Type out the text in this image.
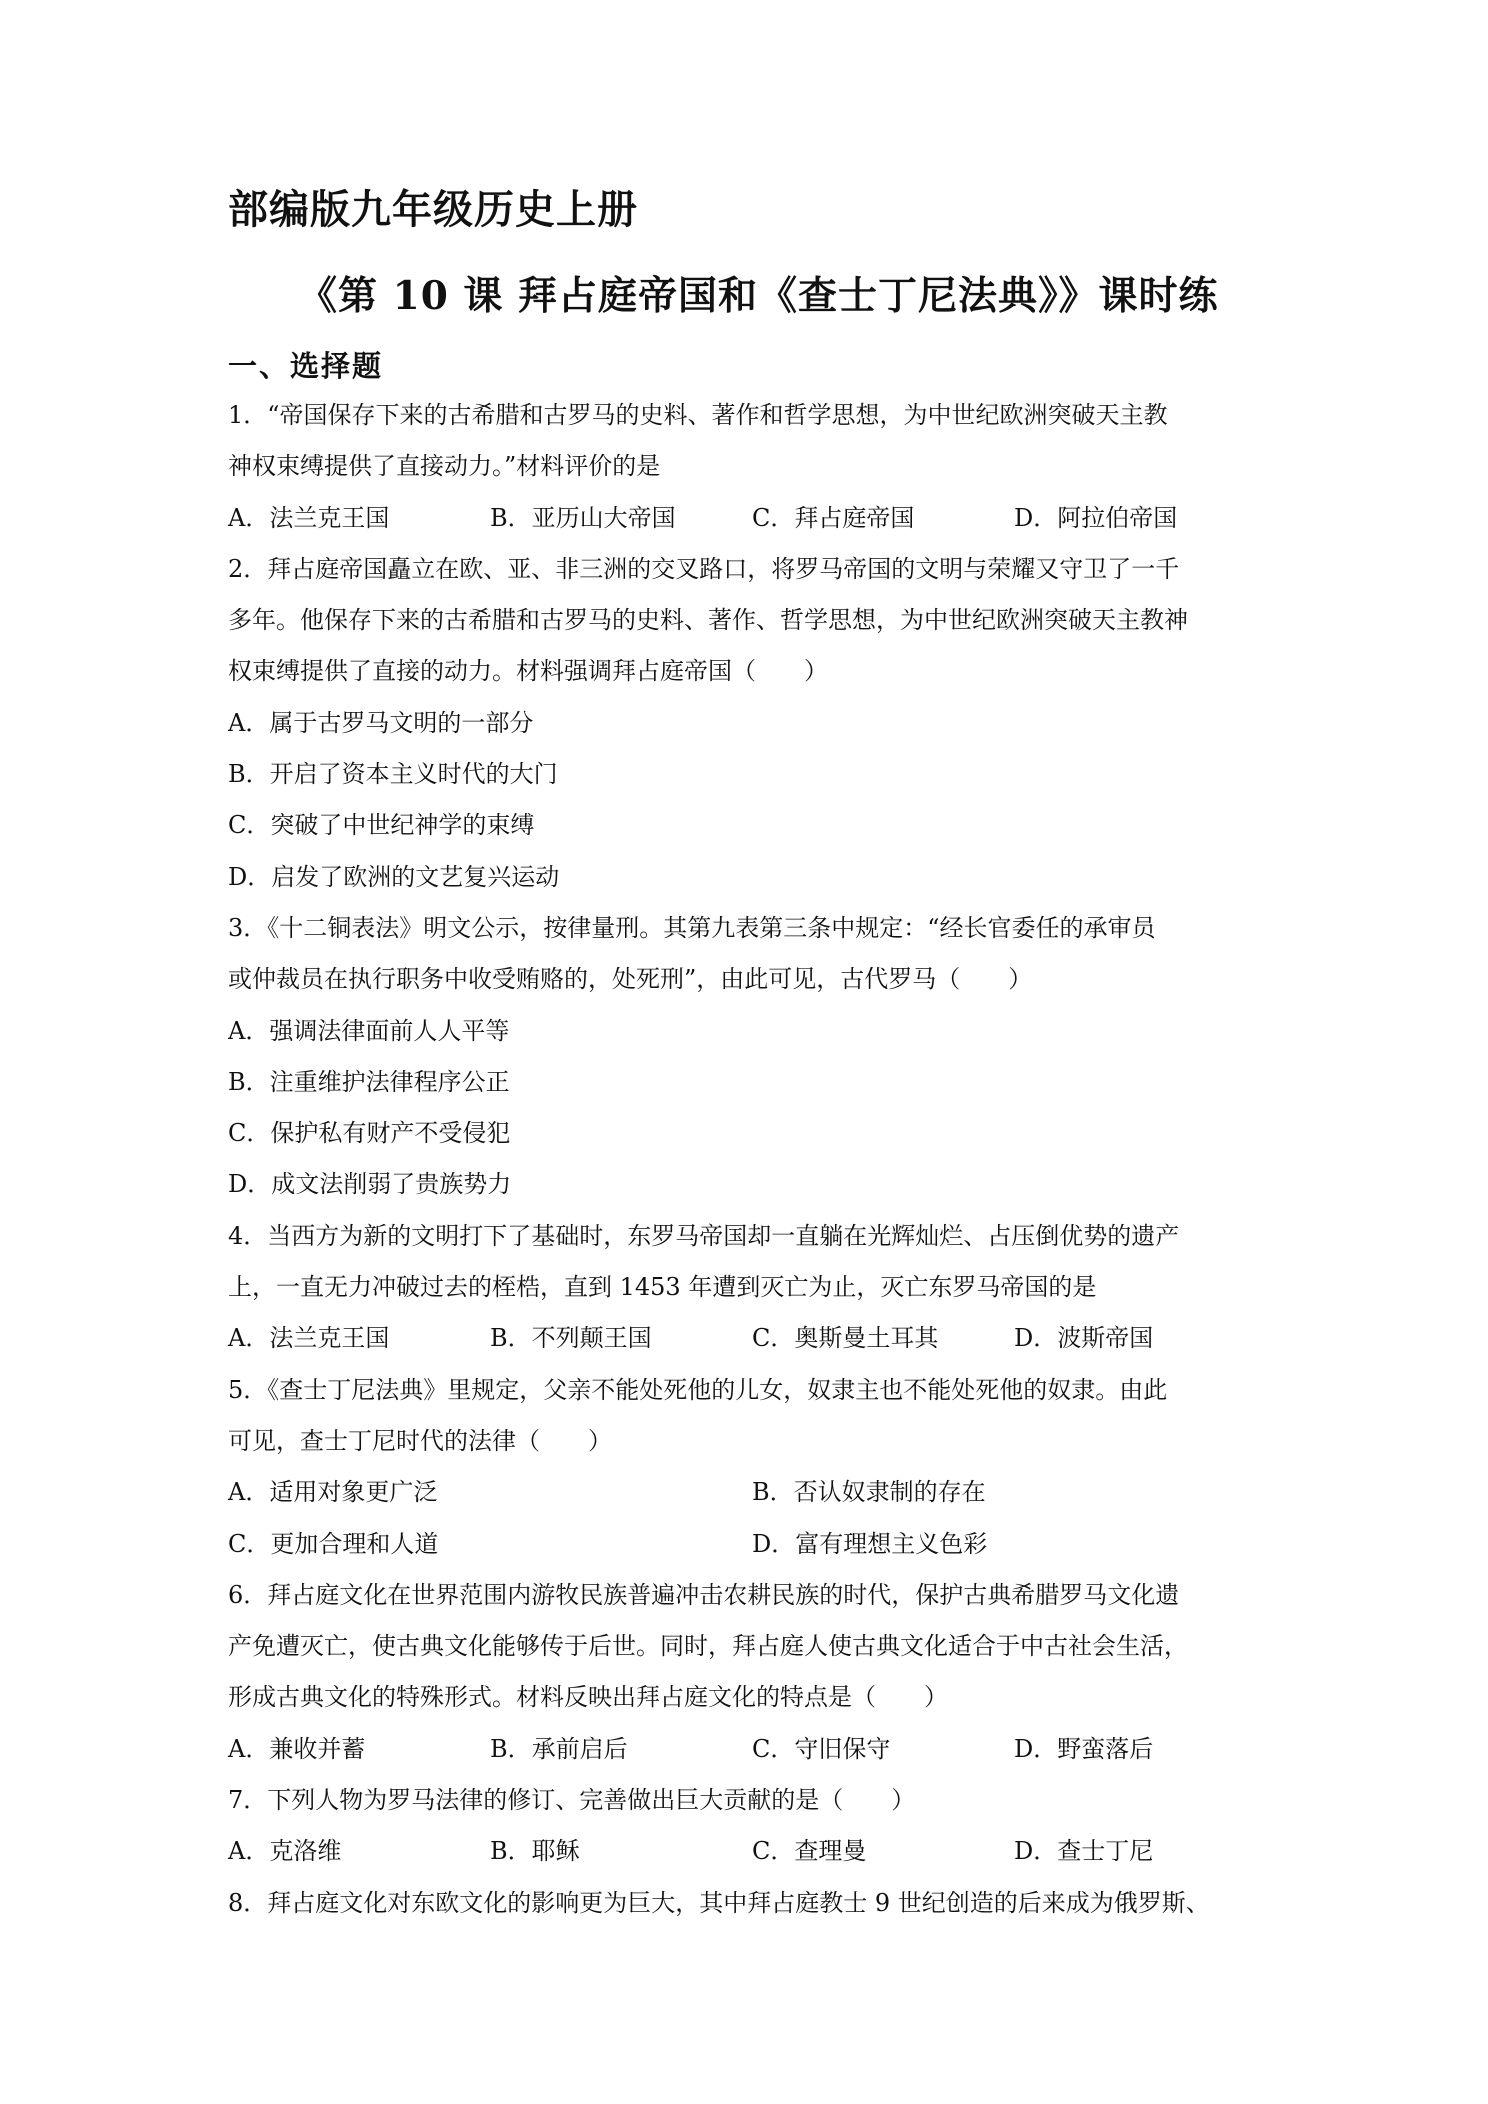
部编版九年级历史上册
《第 10 课 拜占庭帝国和《查士丁尼法典》》课时练
一、选择题
1．“帝国保存下来的古希腊和古罗马的史料、著作和哲学思想，为中世纪欧洲突破天主教
神权束缚提供了直接动力。”材料评价的是
A．法兰克王国	B．亚历山大帝国	C．拜占庭帝国	D．阿拉伯帝国
2．拜占庭帝国矗立在欧、亚、非三洲的交叉路口，将罗马帝国的文明与荣耀又守卫了一千
多年。他保存下来的古希腊和古罗马的史料、著作、哲学思想，为中世纪欧洲突破天主教神
权束缚提供了直接的动力。材料强调拜占庭帝国（　　）
A．属于古罗马文明的一部分
B．开启了资本主义时代的大门
C．突破了中世纪神学的束缚
D．启发了欧洲的文艺复兴运动
3．《十二铜表法》明文公示，按律量刑。其第九表第三条中规定：“经长官委任的承审员
或仲裁员在执行职务中收受贿赂的，处死刑”，由此可见，古代罗马（　　）
A．强调法律面前人人平等
B．注重维护法律程序公正
C．保护私有财产不受侵犯
D．成文法削弱了贵族势力
4．当西方为新的文明打下了基础时，东罗马帝国却一直躺在光辉灿烂、占压倒优势的遗产
上，一直无力冲破过去的桎梏，直到 1453 年遭到灭亡为止，灭亡东罗马帝国的是
A．法兰克王国	B．不列颠王国	C．奥斯曼土耳其	D．波斯帝国
5．《查士丁尼法典》里规定，父亲不能处死他的儿女，奴隶主也不能处死他的奴隶。由此
可见，查士丁尼时代的法律（　　）
A．适用对象更广泛	B．否认奴隶制的存在
C．更加合理和人道	D．富有理想主义色彩
6．拜占庭文化在世界范围内游牧民族普遍冲击农耕民族的时代，保护古典希腊罗马文化遗
产免遭灭亡，使古典文化能够传于后世。同时，拜占庭人使古典文化适合于中古社会生活，
形成古典文化的特殊形式。材料反映出拜占庭文化的特点是（　　）
A．兼收并蓄	B．承前启后	C．守旧保守	D．野蛮落后
7．下列人物为罗马法律的修订、完善做出巨大贡献的是（　　）
A．克洛维	B．耶稣	C．查理曼	D．查士丁尼
8．拜占庭文化对东欧文化的影响更为巨大，其中拜占庭教士 9 世纪创造的后来成为俄罗斯、
